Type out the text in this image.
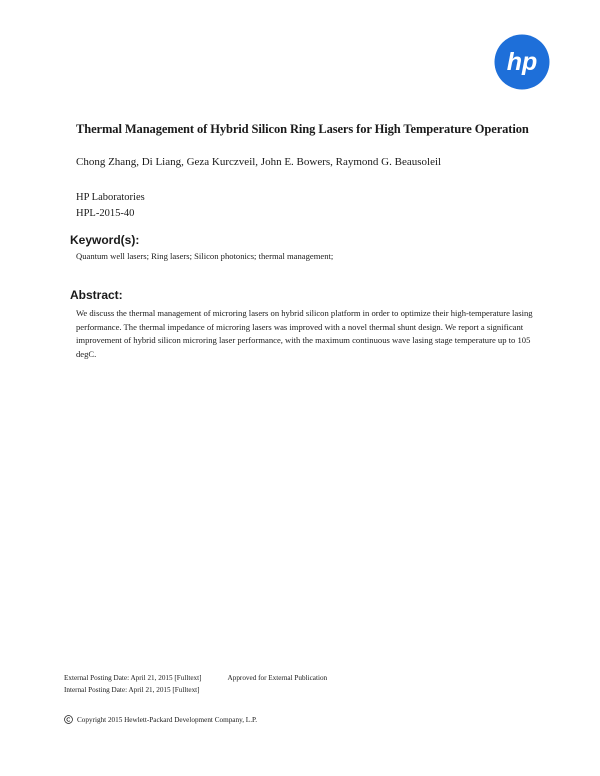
hp
Thermal Management of Hybrid Silicon Ring Lasers for High Temperature Operation
Chong Zhang, Di Liang, Geza Kurczveil, John E. Bowers, Raymond G. Beausoleil
HP Laboratories
HPL-2015-40
Keyword(s):
Quantum well lasers; Ring lasers; Silicon photonics; thermal management;
Abstract:
We discuss the thermal management of microring lasers on hybrid silicon platform in order to optimize their high-temperature lasing performance. The thermal impedance of microring lasers was improved with a novel thermal shunt design. We report a significant improvement of hybrid silicon microring laser performance, with the maximum continuous wave lasing stage temperature up to 105 degC.
External Posting Date: April 21, 2015 [Fulltext]	Approved for External Publication
Internal Posting Date: April 21, 2015 [Fulltext]
Copyright 2015 Hewlett-Packard Development Company, L.P.
